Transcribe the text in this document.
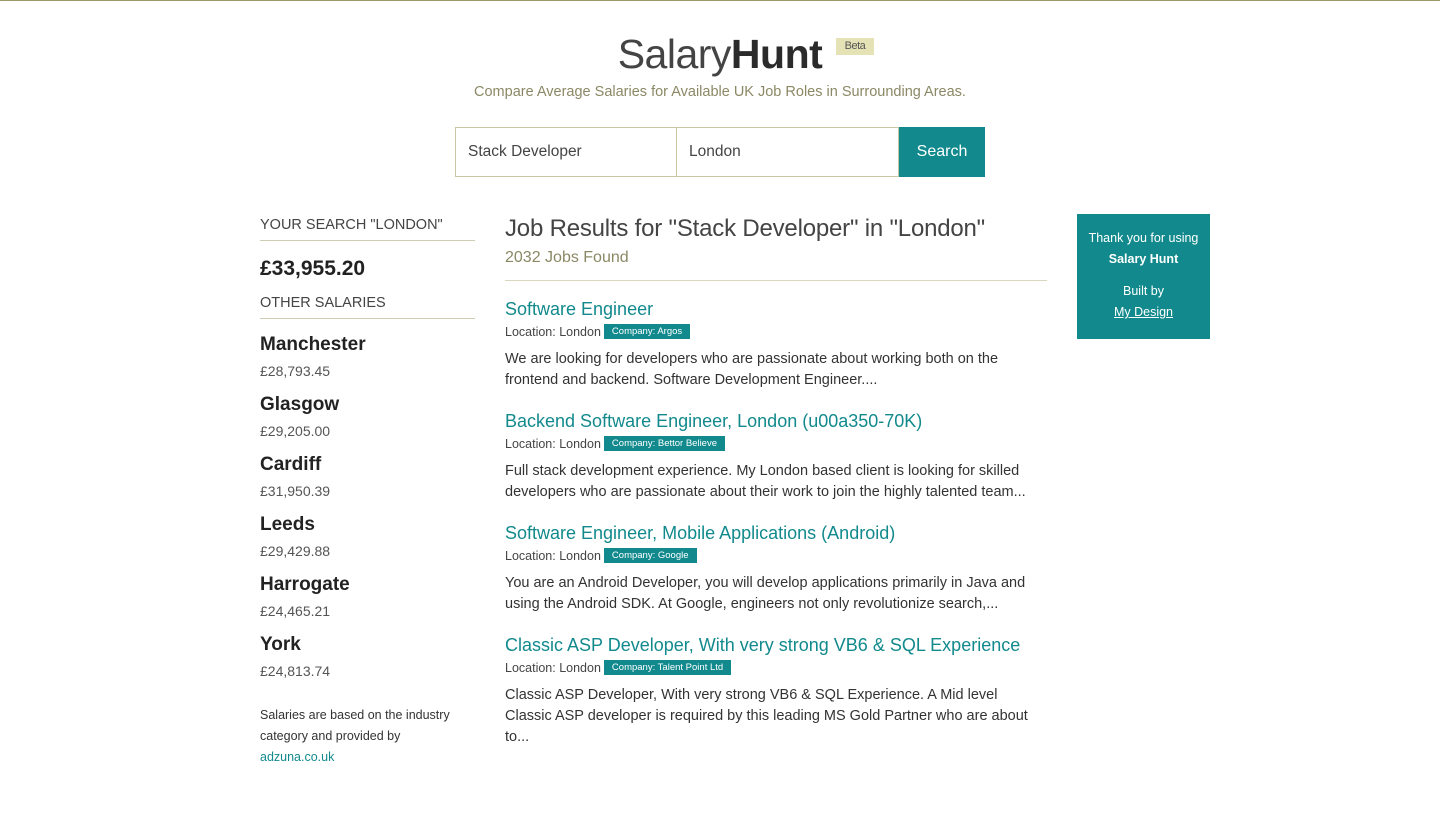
SalaryHunt	Beta
Compare Average Salaries for Available UK Job Roles in Surrounding Areas.
Stack Developer	London	Search
YOUR SEARCH "LONDON"
£33,955.20
OTHER SALARIES
Manchester
£28,793.45
Glasgow
£29,205.00
Cardiff
£31,950.39
Leeds
£29,429.88
Harrogate
£24,465.21
York
£24,813.74
Salaries are based on the industry category and provided by
adzuna.co.uk
Job Results for "Stack Developer" in "London"
2032 Jobs Found
Software Engineer
Location: London	Company: Argos
We are looking for developers who are passionate about working both on the frontend and backend. Software Development Engineer....
Backend Software Engineer, London (u00a350-70K)
Location: London	Company: Bettor Believe
Full stack development experience. My London based client is looking for skilled developers who are passionate about their work to join the highly talented team...
Software Engineer, Mobile Applications (Android)
Location: London	Company: Google
You are an Android Developer, you will develop applications primarily in Java and using the Android SDK. At Google, engineers not only revolutionize search,...
Classic ASP Developer, With very strong VB6 & SQL Experience
Location: London	Company: Talent Point Ltd
Classic ASP Developer, With very strong VB6 & SQL Experience. A Mid level Classic ASP developer is required by this leading MS Gold Partner who are about to...
Thank you for using
Salary Hunt
Built by
My Design
